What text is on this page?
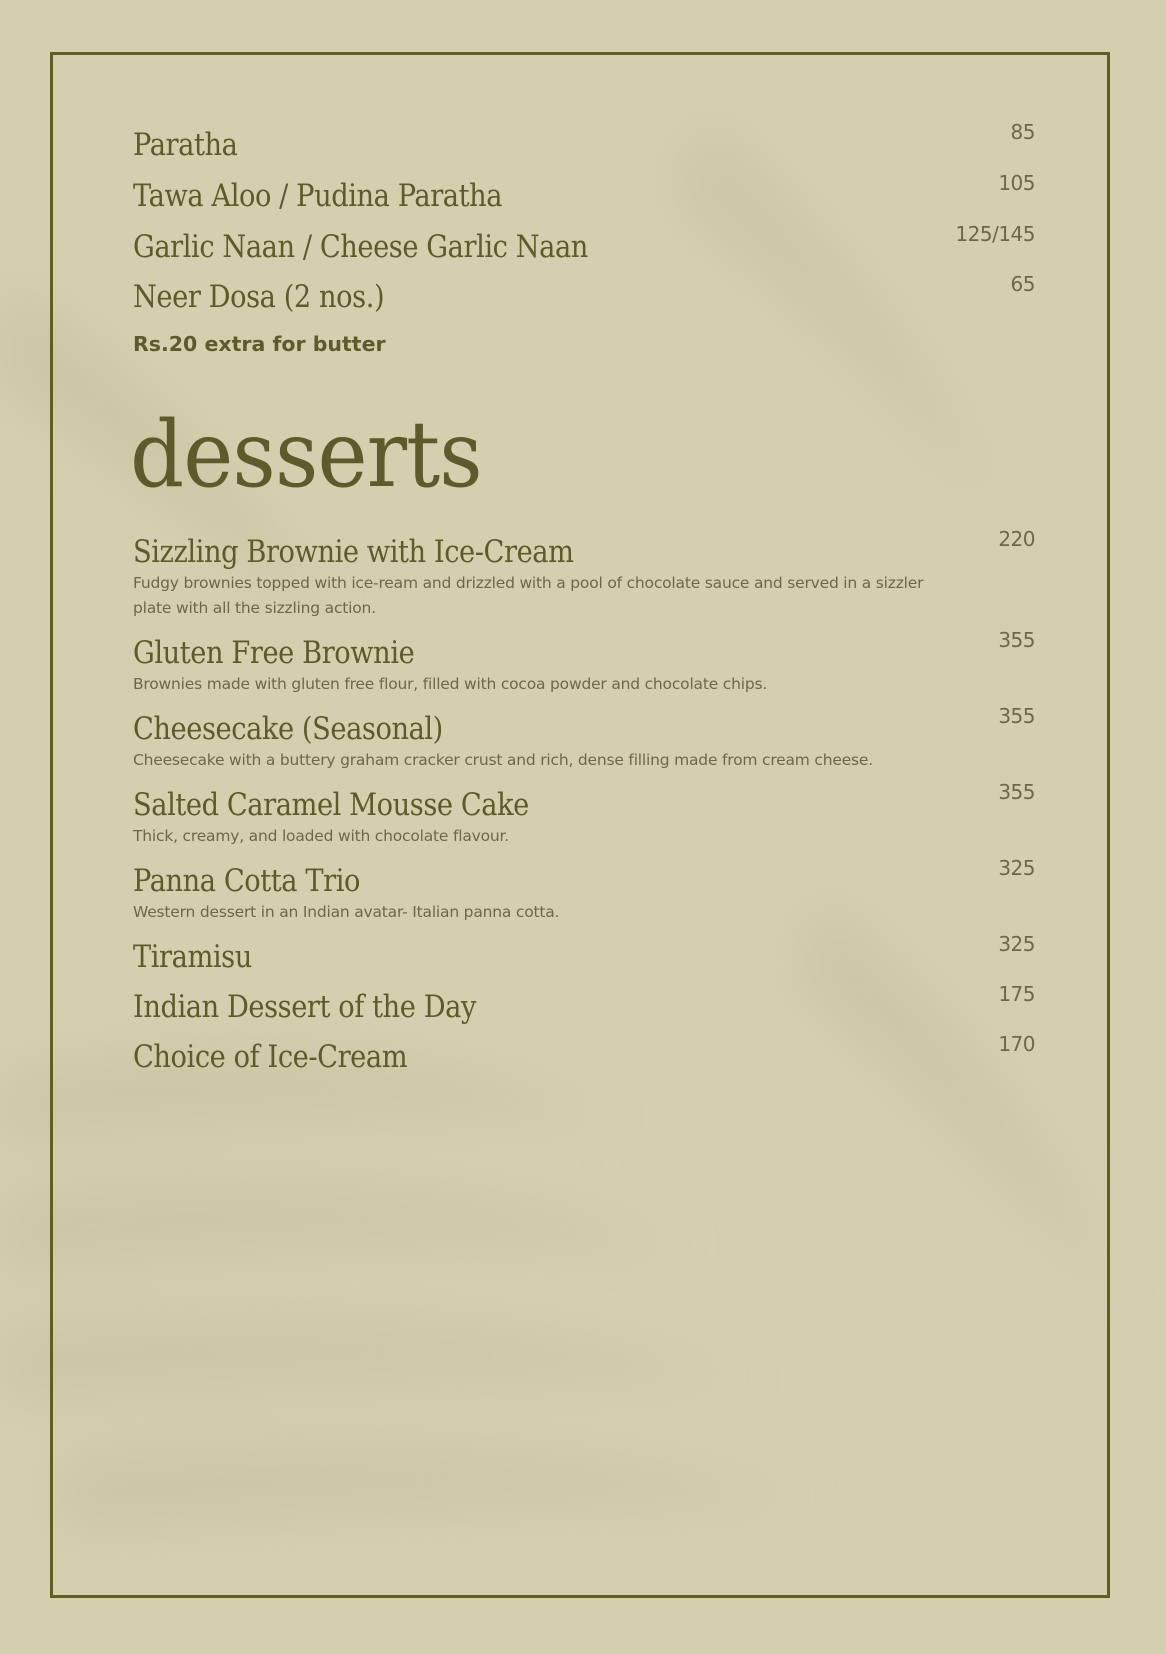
Paratha	85
Tawa Aloo / Pudina Paratha	105
Garlic Naan / Cheese Garlic Naan	125/145
Neer Dosa (2 nos.)	65
Rs.20 extra for butter
desserts
Sizzling Brownie with Ice-Cream	220
Fudgy brownies topped with ice-ream and drizzled with a pool of chocolate sauce and served in a sizzler plate with all the sizzling action.
Gluten Free Brownie	355
Brownies made with gluten free flour, filled with cocoa powder and chocolate chips.
Cheesecake (Seasonal)	355
Cheesecake with a buttery graham cracker crust and rich, dense filling made from cream cheese.
Salted Caramel Mousse Cake	355
Thick, creamy, and loaded with chocolate flavour.
Panna Cotta Trio	325
Western dessert in an Indian avatar- Italian panna cotta.
Tiramisu	325
Indian Dessert of the Day	175
Choice of Ice-Cream	170
